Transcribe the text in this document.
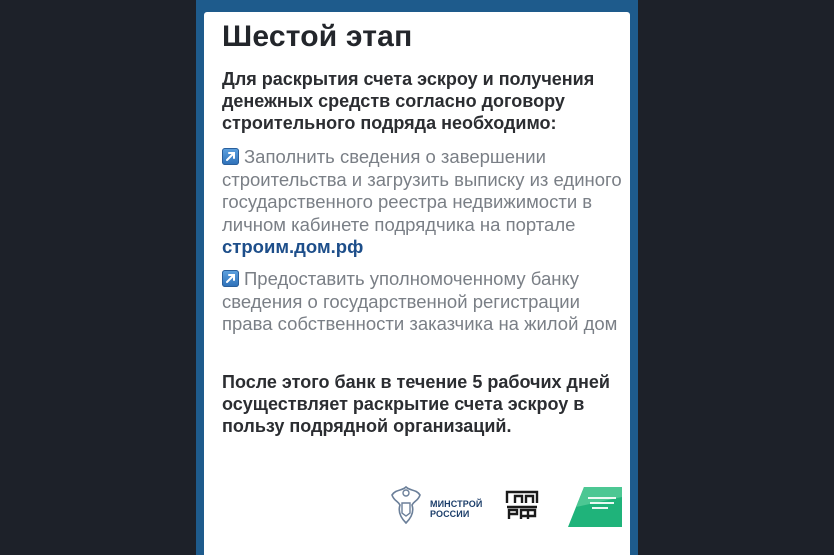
Шестой этап
Для раскрытия счета эскроу и получения денежных средств согласно договору строительного подряда необходимо:
Заполнить сведения о завершении строительства и загрузить выписку из единого государственного реестра недвижимости в личном кабинете подрядчика на портале строим.дом.рф
Предоставить уполномоченному банку сведения о государственной регистрации права собственности заказчика на жилой дом
После этого банк в течение 5 рабочих дней осуществляет раскрытие счета эскроу в пользу подрядной организаций.
МИНСТРОЙ
РОССИИ
